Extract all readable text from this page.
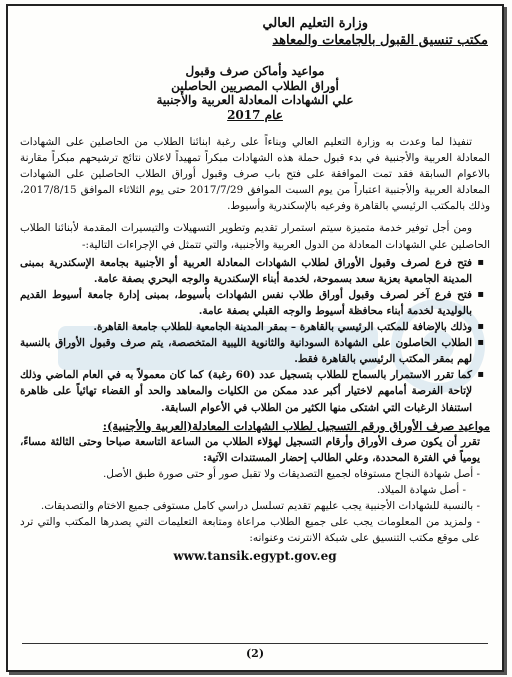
وزارة التعليم العالي
مكتب تنسيق القبول بالجامعات والمعاهد
مواعيد وأماكن صرف وقبول
أوراق الطلاب المصريين الحاصلين
علي الشهادات المعادلة العربية والأجنبية
عام 2017

تنفيذا لما وعدت به وزارة التعليم العالي وبناءاً على رغبة ابنائنا الطلاب من الحاصلين على الشهادات المعادلة العربية والأجنبية في بدء قبول حملة هذه الشهادات مبكراً تمهيداً لاعلان نتائج ترشيحهم مبكراً مقارنة بالاعوام السابقة فقد تمت الموافقة على فتح باب صرف وقبول أوراق الطلاب الحاصلين على الشهادات المعادلة العربية والأجنبية اعتباراً من يوم السبت الموافق 2017/7/29 حتى يوم الثلاثاء الموافق 2017/8/15، وذلك بالمكتب الرئيسي بالقاهرة وفرعيه بالإسكندرية وأسيوط.

ومن أجل توفير خدمة متميزة سيتم استمرار تقديم وتطوير التسهيلات والتيسيرات المقدمة لأبنائنا الطلاب الحاصلين علي الشهادات المعادلة من الدول العربية والأجنبية، والتي تتمثل في الإجراءات التالية:-

▪ فتح فرع لصرف وقبول الأوراق لطلاب الشهادات المعادلة العربية أو الأجنبية بجامعة الإسكندرية بمبنى المدينة الجامعية بعزبة سعد بسموحة، لخدمة أبناء الإسكندرية والوجه البحري بصفة عامة.
▪ فتح فرع آخر لصرف وقبول أوراق طلاب نفس الشهادات بأسيوط، بمبنى إدارة جامعة أسيوط القديم بالوليدية لخدمة أبناء محافظة أسيوط والوجه القبلي بصفة عامة.
▪ وذلك بالإضافة للمكتب الرئيسي بالقاهرة – بمقر المدينة الجامعية للطلاب جامعة القاهرة.
▪ الطلاب الحاصلون على الشهادة السودانية والثانوية الليبية المتخصصة، يتم صرف وقبول الأوراق بالنسبة لهم بمقر المكتب الرئيسي بالقاهرة فقط.
▪ كما تقرر الاستمرار بالسماح للطلاب بتسجيل عدد (60 رغبة) كما كان معمولاً به في العام الماضي وذلك لإتاحة الفرصة أمامهم لاختيار أكبر عدد ممكن من الكليات والمعاهد والحد أو القضاء تهائياً على ظاهرة استنفاذ الرغبات التي اشتكى منها الكثير من الطلاب في الأعوام السابقة.
مواعيد صرف الأوراق ورقم التسجيل لطلاب الشهادات المعادلة(العربية والأجنبية):

تقرر أن يكون صرف الأوراق وأرقام التسجيل لهؤلاء الطلاب من الساعة التاسعة صباحا وحتى الثالثة مساءً، يومياً في الفترة المحددة، وعلي الطالب إحضار المستندات الآتية:

- أصل شهادة النجاح مستوفاه لجميع التصديقات ولا تقبل صور أو حتى صورة طبق الأصل.

- أصل شهادة الميلاد.

- بالنسبة للشهادات الأجنبية يجب عليهم تقديم تسلسل دراسي كامل مستوفى جميع الاختام والتصديقات.

- ولمزيد من المعلومات يجب على جميع الطلاب مراعاة ومتابعة التعليمات التي يصدرها المكتب والتي ترد على موقع مكتب التنسيق على شبكة الانترنت وعنوانه:

www.tansik.egypt.gov.eg
(2)
